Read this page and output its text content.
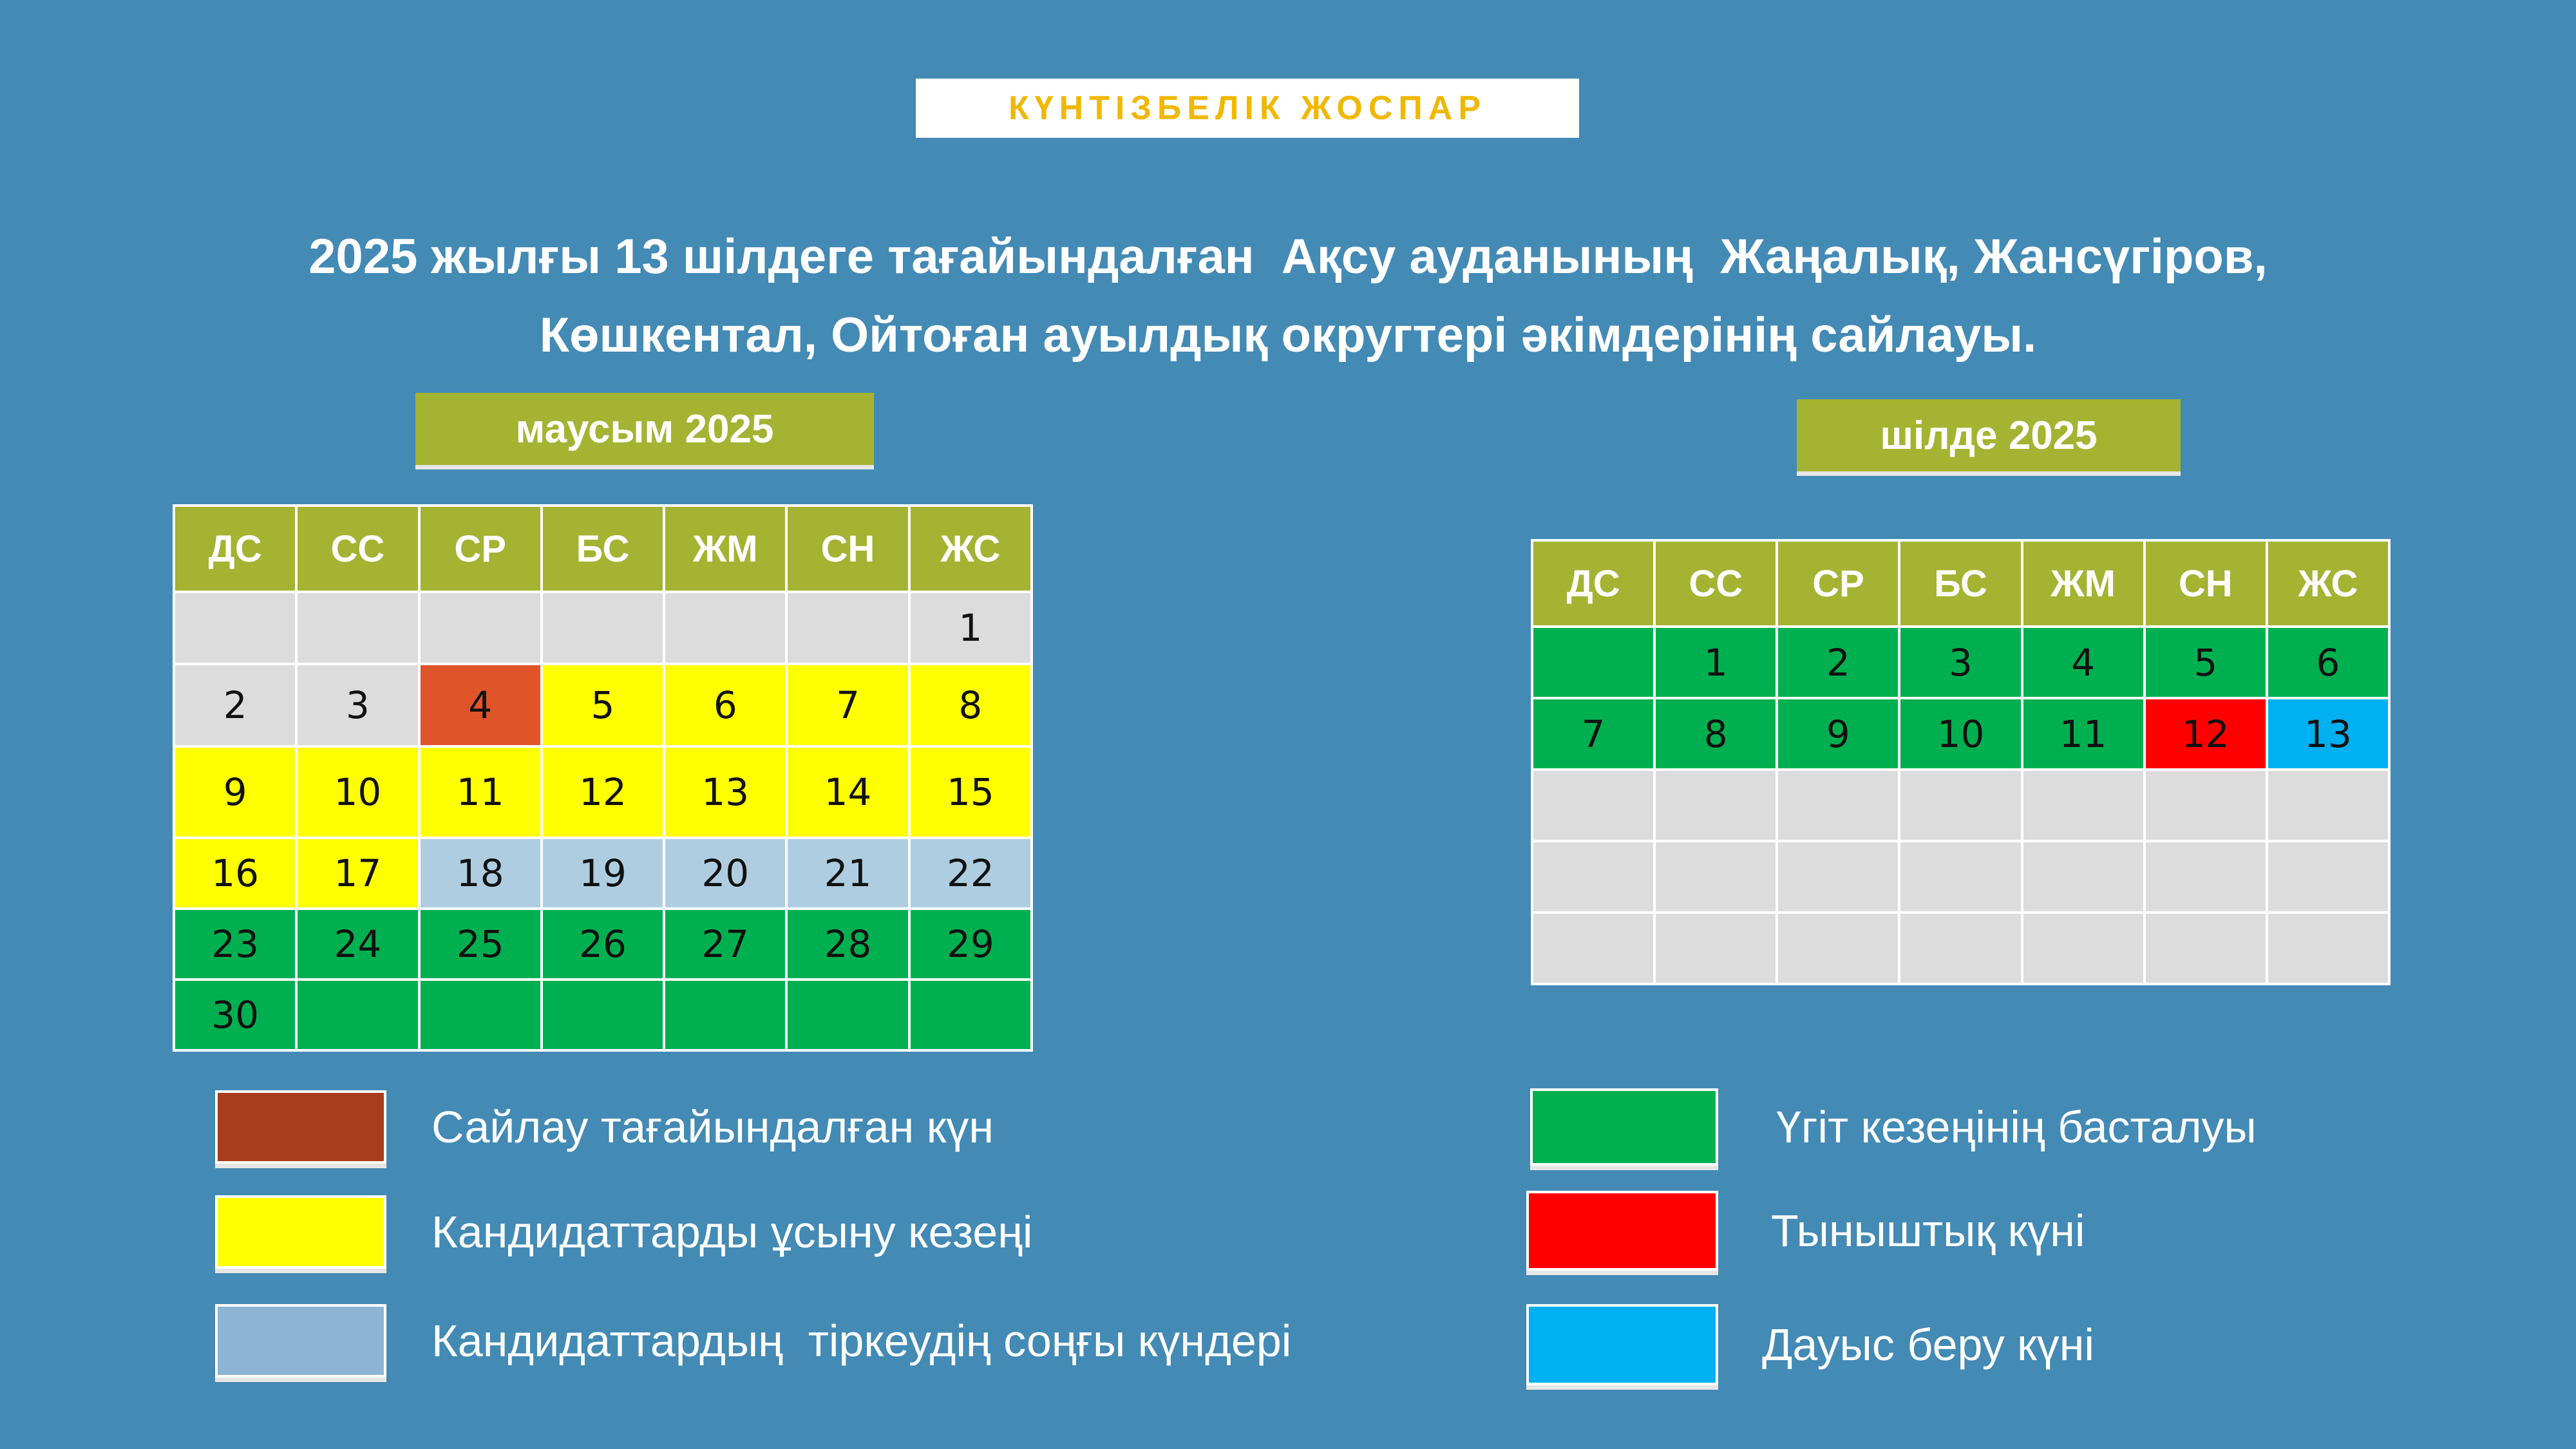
КҮНТІЗБЕЛІК ЖОСПАР
2025 жылғы 13 шілдеге тағайындалған  Ақсу ауданының  Жаңалық, Жансүгіров,
Көшкентал, Ойтоған ауылдық округтері әкімдерінің сайлауы.
маусым 2025
ДС	СС	СР	БС	ЖМ	СН	ЖС
						1
2	3	4	5	6	7	8
9	10	11	12	13	14	15
16	17	18	19	20	21	22
23	24	25	26	27	28	29
30						
шілде 2025
ДС	СС	СР	БС	ЖМ	СН	ЖС
	1	2	3	4	5	6
7	8	9	10	11	12	13

Сайлау тағайындалған күн
Кандидаттарды ұсыну кезеңі
Кандидаттардың  тіркеудің соңғы күндері
Үгіт кезеңінің басталуы
Тыныштық күні
Дауыс беру күні
